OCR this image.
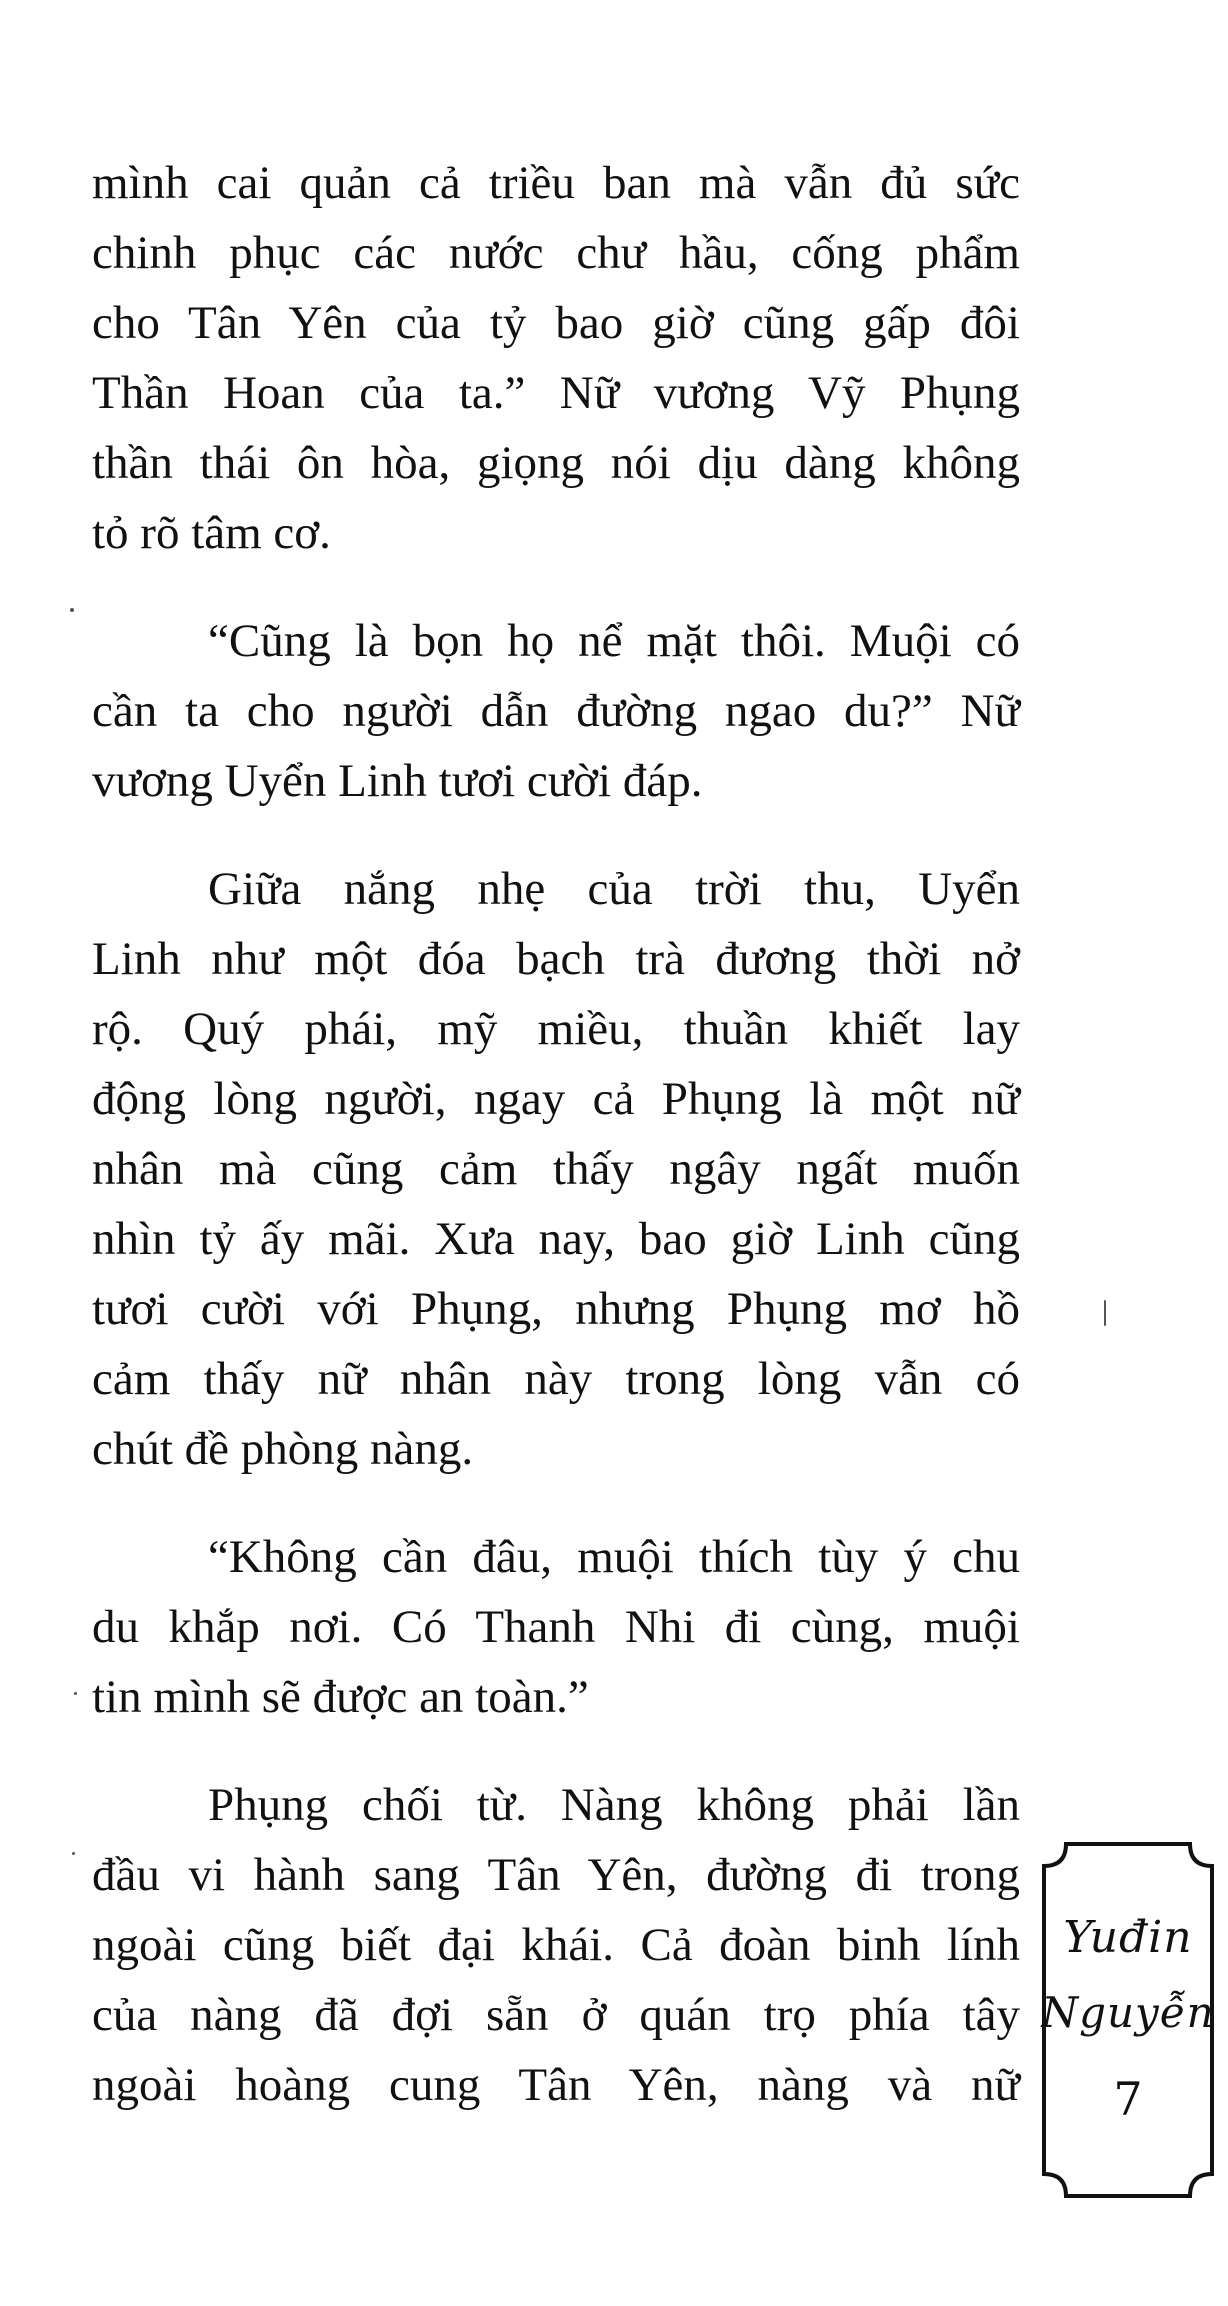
mình cai quản cả triều ban mà vẫn đủ sức
chinh phục các nước chư hầu, cống phẩm
cho Tân Yên của tỷ bao giờ cũng gấp đôi
Thần Hoan của ta.” Nữ vương Vỹ Phụng
thần thái ôn hòa, giọng nói dịu dàng không
tỏ rõ tâm cơ.
“Cũng là bọn họ nể mặt thôi. Muội có
cần ta cho người dẫn đường ngao du?” Nữ
vương Uyển Linh tươi cười đáp.
Giữa nắng nhẹ của trời thu, Uyển
Linh như một đóa bạch trà đương thời nở
rộ. Quý phái, mỹ miều, thuần khiết lay
động lòng người, ngay cả Phụng là một nữ
nhân mà cũng cảm thấy ngây ngất muốn
nhìn tỷ ấy mãi. Xưa nay, bao giờ Linh cũng
tươi cười với Phụng, nhưng Phụng mơ hồ
cảm thấy nữ nhân này trong lòng vẫn có
chút đề phòng nàng.
“Không cần đâu, muội thích tùy ý chu
du khắp nơi. Có Thanh Nhi đi cùng, muội
tin mình sẽ được an toàn.”
Phụng chối từ. Nàng không phải lần
đầu vi hành sang Tân Yên, đường đi trong
ngoài cũng biết đại khái. Cả đoàn binh lính
của nàng đã đợi sẵn ở quán trọ phía tây
ngoài hoàng cung Tân Yên, nàng và nữ
Yuđin
Nguyễn
7
